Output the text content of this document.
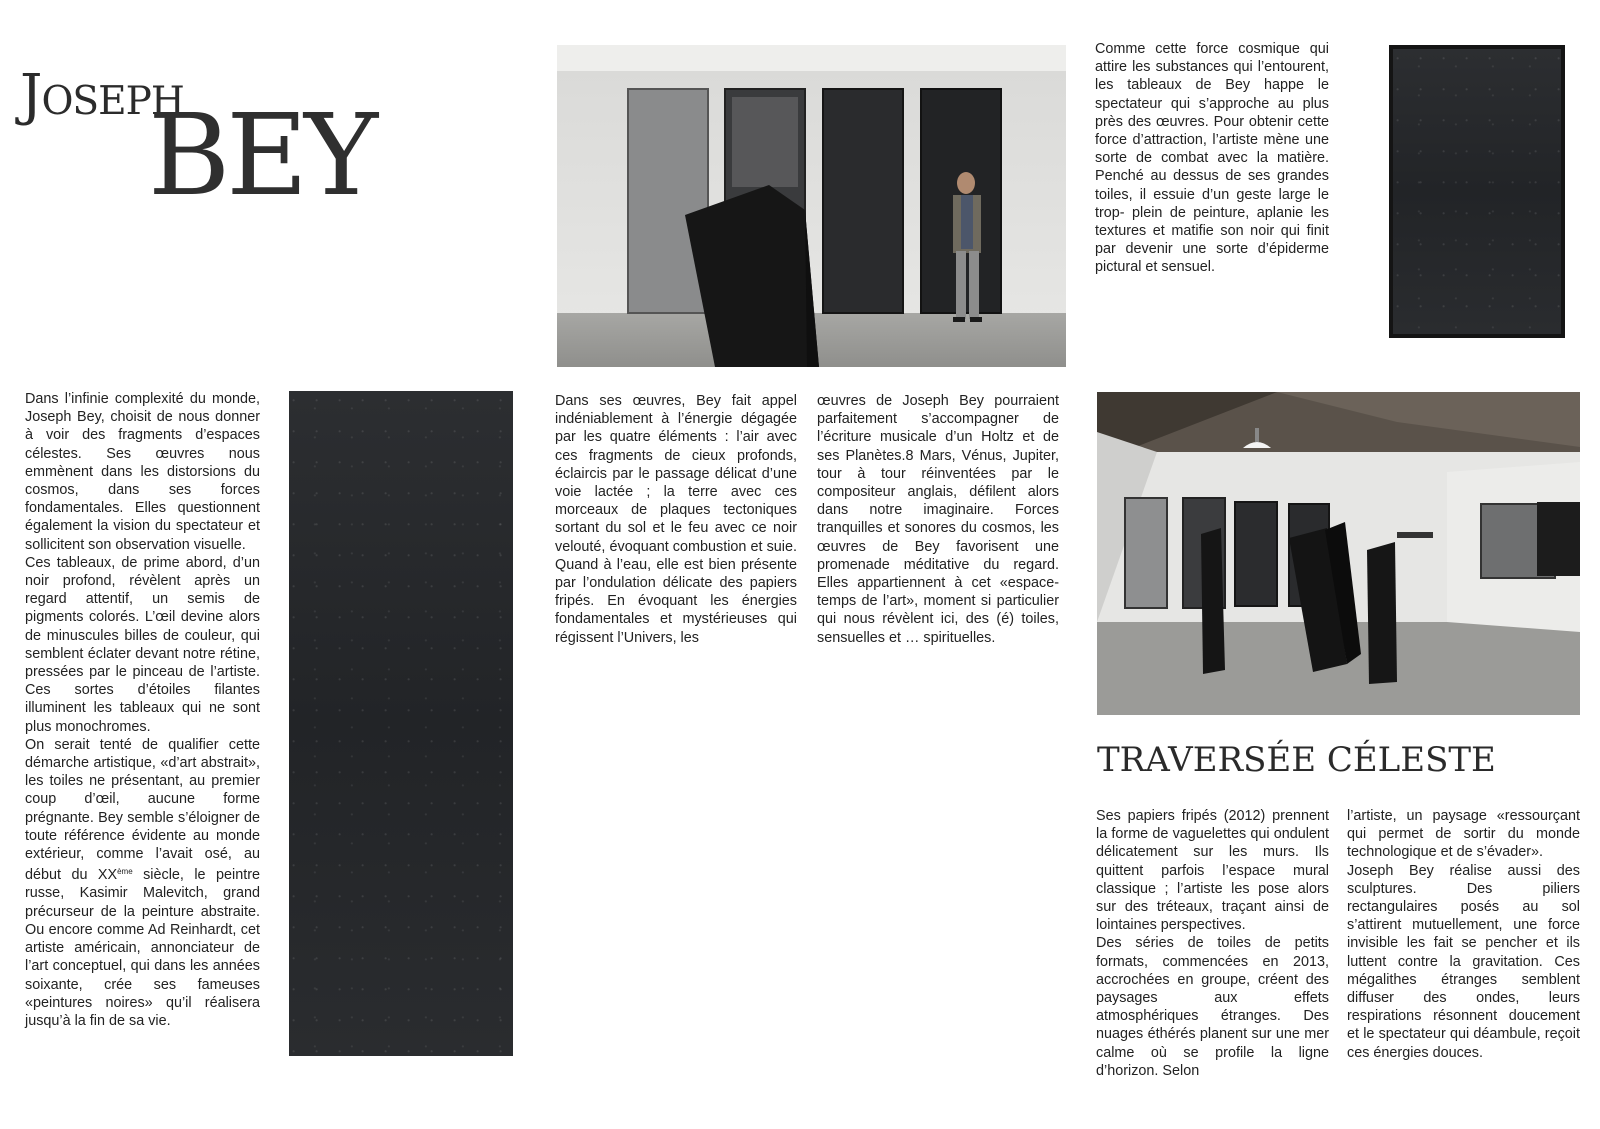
Joseph
BEY

Comme cette force cosmique qui attire les substances qui l’entourent, les tableaux de Bey happe le spectateur qui s’approche au plus près des œuvres. Pour obtenir cette force d’attraction, l’artiste mène une sorte de combat avec la matière. Penché au dessus de ses grandes toiles, il essuie d’un geste large le trop- plein de peinture, aplanie les textures et matifie son noir qui finit par devenir une sorte d’épiderme pictural et sensuel.

Dans l’infinie complexité du monde, Joseph Bey, choisit de nous donner à voir des fragments d’espaces célestes. Ses œuvres nous emmènent dans les distorsions du cosmos, dans ses forces fondamentales. Elles questionnent également la vision du spectateur et sollicitent son observation visuelle.

Ces tableaux, de prime abord, d’un noir profond, révèlent après un regard attentif, un semis de pigments colorés. L’œil devine alors de minuscules billes de couleur, qui semblent éclater devant notre rétine, pressées par le pinceau de l’artiste. Ces sortes d’étoiles filantes illuminent les tableaux qui ne sont plus monochromes.

On serait tenté de qualifier cette démarche artistique, «d’art abstrait», les toiles ne présentant, au premier coup d’œil, aucune forme prégnante. Bey semble s’éloigner de toute référence évidente au monde extérieur, comme l’avait osé, au début du XXème siècle, le peintre russe, Kasimir Malevitch, grand précurseur de la peinture abstraite. Ou encore comme Ad Reinhardt, cet artiste américain, annonciateur de l’art conceptuel, qui dans les années soixante, crée ses fameuses «peintures noires» qu’il réalisera jusqu’à la fin de sa vie.

Dans ses œuvres, Bey fait appel indéniablement à l’énergie dégagée par les quatre éléments : l’air avec ces fragments de cieux profonds, éclaircis par le passage délicat d’une voie lactée ; la terre avec ces morceaux de plaques tectoniques sortant du sol et le feu avec ce noir velouté, évoquant combustion et suie. Quand à l’eau, elle est bien présente par l’ondulation délicate des papiers fripés. En évoquant les énergies fondamentales et mystérieuses qui régissent l’Univers, les

œuvres de Joseph Bey pourraient parfaitement s’accompagner de l’écriture musicale d’un Holtz et de ses Planètes.8 Mars, Vénus, Jupiter, tour à tour réinventées par le compositeur anglais, défilent alors dans notre imaginaire. Forces tranquilles et sonores du cosmos, les œuvres de Bey favorisent une promenade méditative du regard. Elles appartiennent à cet «espace-temps de l’art», moment si particulier qui nous révèlent ici, des (é) toiles, sensuelles et … spirituelles.

TRAVERSÉE CÉLESTE

Ses papiers fripés (2012) prennent la forme de vaguelettes qui ondulent délicatement sur les murs. Ils quittent parfois l’espace mural classique ; l’artiste les pose alors sur des tréteaux, traçant ainsi de lointaines perspectives.

Des séries de toiles de petits formats, commencées en 2013, accrochées en groupe, créent des paysages aux effets atmosphériques étranges. Des nuages éthérés planent sur une mer calme où se profile la ligne d’horizon. Selon

l’artiste, un paysage «ressourçant qui permet de sortir du monde technologique et de s’évader».

Joseph Bey réalise aussi des sculptures. Des piliers rectangulaires posés au sol s’attirent mutuellement, une force invisible les fait se pencher et ils luttent contre la gravitation. Ces mégalithes étranges semblent diffuser des ondes, leurs respirations résonnent doucement et le spectateur qui déambule, reçoit ces énergies douces.
